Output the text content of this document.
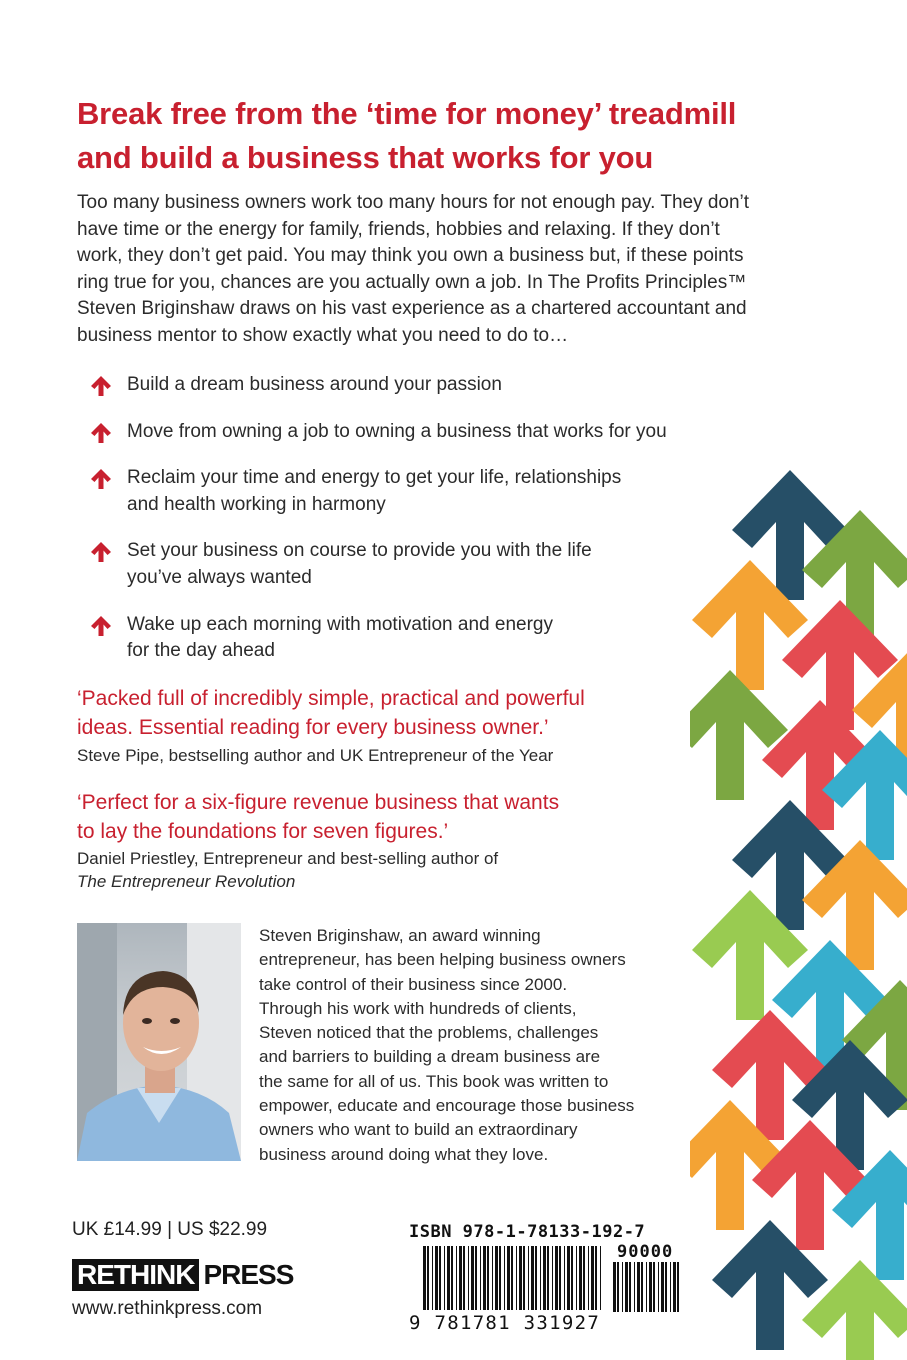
Break free from the ‘time for money’ treadmill
and build a business that works for you

Too many business owners work too many hours for not enough pay. They don’t
have time or the energy for family, friends, hobbies and relaxing. If they don’t
work, they don’t get paid. You may think you own a business but, if these points
ring true for you, chances are you actually own a job. In The Profits Principles™
Steven Briginshaw draws on his vast experience as a chartered accountant and
business mentor to show exactly what you need to do to…

Build a dream business around your passion
Move from owning a job to owning a business that works for you
Reclaim your time and energy to get your life, relationships
and health working in harmony
Set your business on course to provide you with the life
you’ve always wanted
Wake up each morning with motivation and energy
for the day ahead

‘Packed full of incredibly simple, practical and powerful
ideas. Essential reading for every business owner.’

Steve Pipe, bestselling author and UK Entrepreneur of the Year

‘Perfect for a six-figure revenue business that wants
to lay the foundations for seven figures.’

Daniel Priestley, Entrepreneur and best-selling author of
The Entrepreneur Revolution

Steven Briginshaw, an award winning
entrepreneur, has been helping business owners
take control of their business since 2000.
Through his work with hundreds of clients,
Steven noticed that the problems, challenges
and barriers to building a dream business are
the same for all of us. This book was written to
empower, educate and encourage those business
owners who want to build an extraordinary
business around doing what they love.

UK £14.99 | US $22.99
RETHINK PRESS
www.rethinkpress.com
ISBN 978-1-78133-192-7
90000
9 781781 331927
